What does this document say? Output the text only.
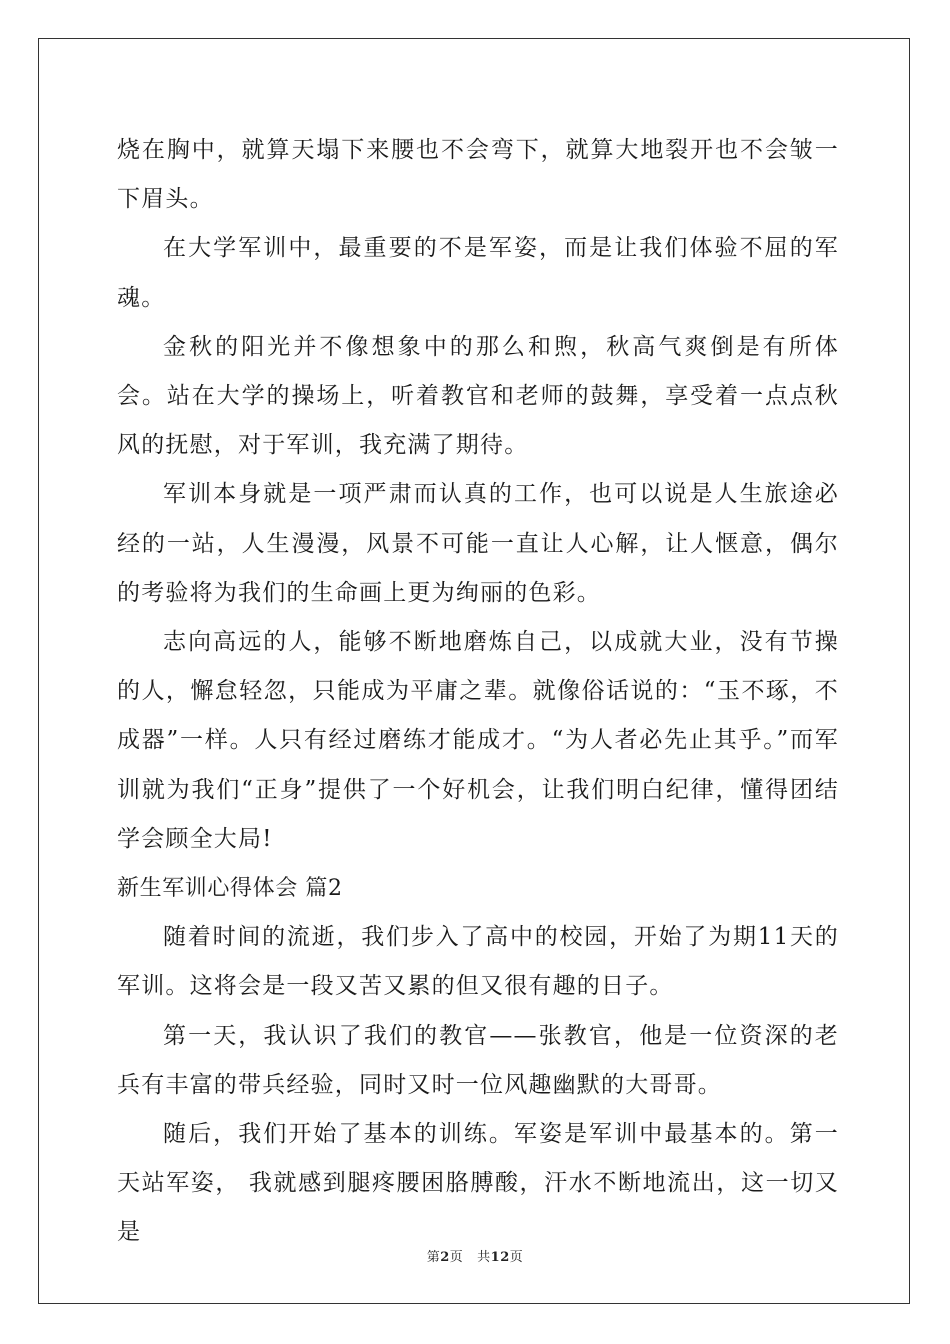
烧在胸中，就算天塌下来腰也不会弯下，就算大地裂开也不会皱一下眉头。

在大学军训中，最重要的不是军姿，而是让我们体验不屈的军魂。

金秋的阳光并不像想象中的那么和煦，秋高气爽倒是有所体会。站在大学的操场上，听着教官和老师的鼓舞，享受着一点点秋风的抚慰，对于军训，我充满了期待。

军训本身就是一项严肃而认真的工作，也可以说是人生旅途必经的一站，人生漫漫，风景不可能一直让人心解，让人惬意，偶尔的考验将为我们的生命画上更为绚丽的色彩。

志向高远的人，能够不断地磨炼自己，以成就大业，没有节操的人，懈怠轻忽，只能成为平庸之辈。就像俗话说的：“玉不琢，不成器”一样。人只有经过磨练才能成才。“为人者必先止其乎。”而军训就为我们“正身”提供了一个好机会，让我们明白纪律，懂得团结学会顾全大局!

新生军训心得体会 篇2

随着时间的流逝，我们步入了高中的校园，开始了为期11天的军训。这将会是一段又苦又累的但又很有趣的日子。

第一天，我认识了我们的教官——张教官，他是一位资深的老兵有丰富的带兵经验，同时又时一位风趣幽默的大哥哥。

随后，我们开始了基本的训练。军姿是军训中最基本的。第一天站军姿， 我就感到腿疼腰困胳膊酸，汗水不断地流出，这一切又是

第2页   共12页
